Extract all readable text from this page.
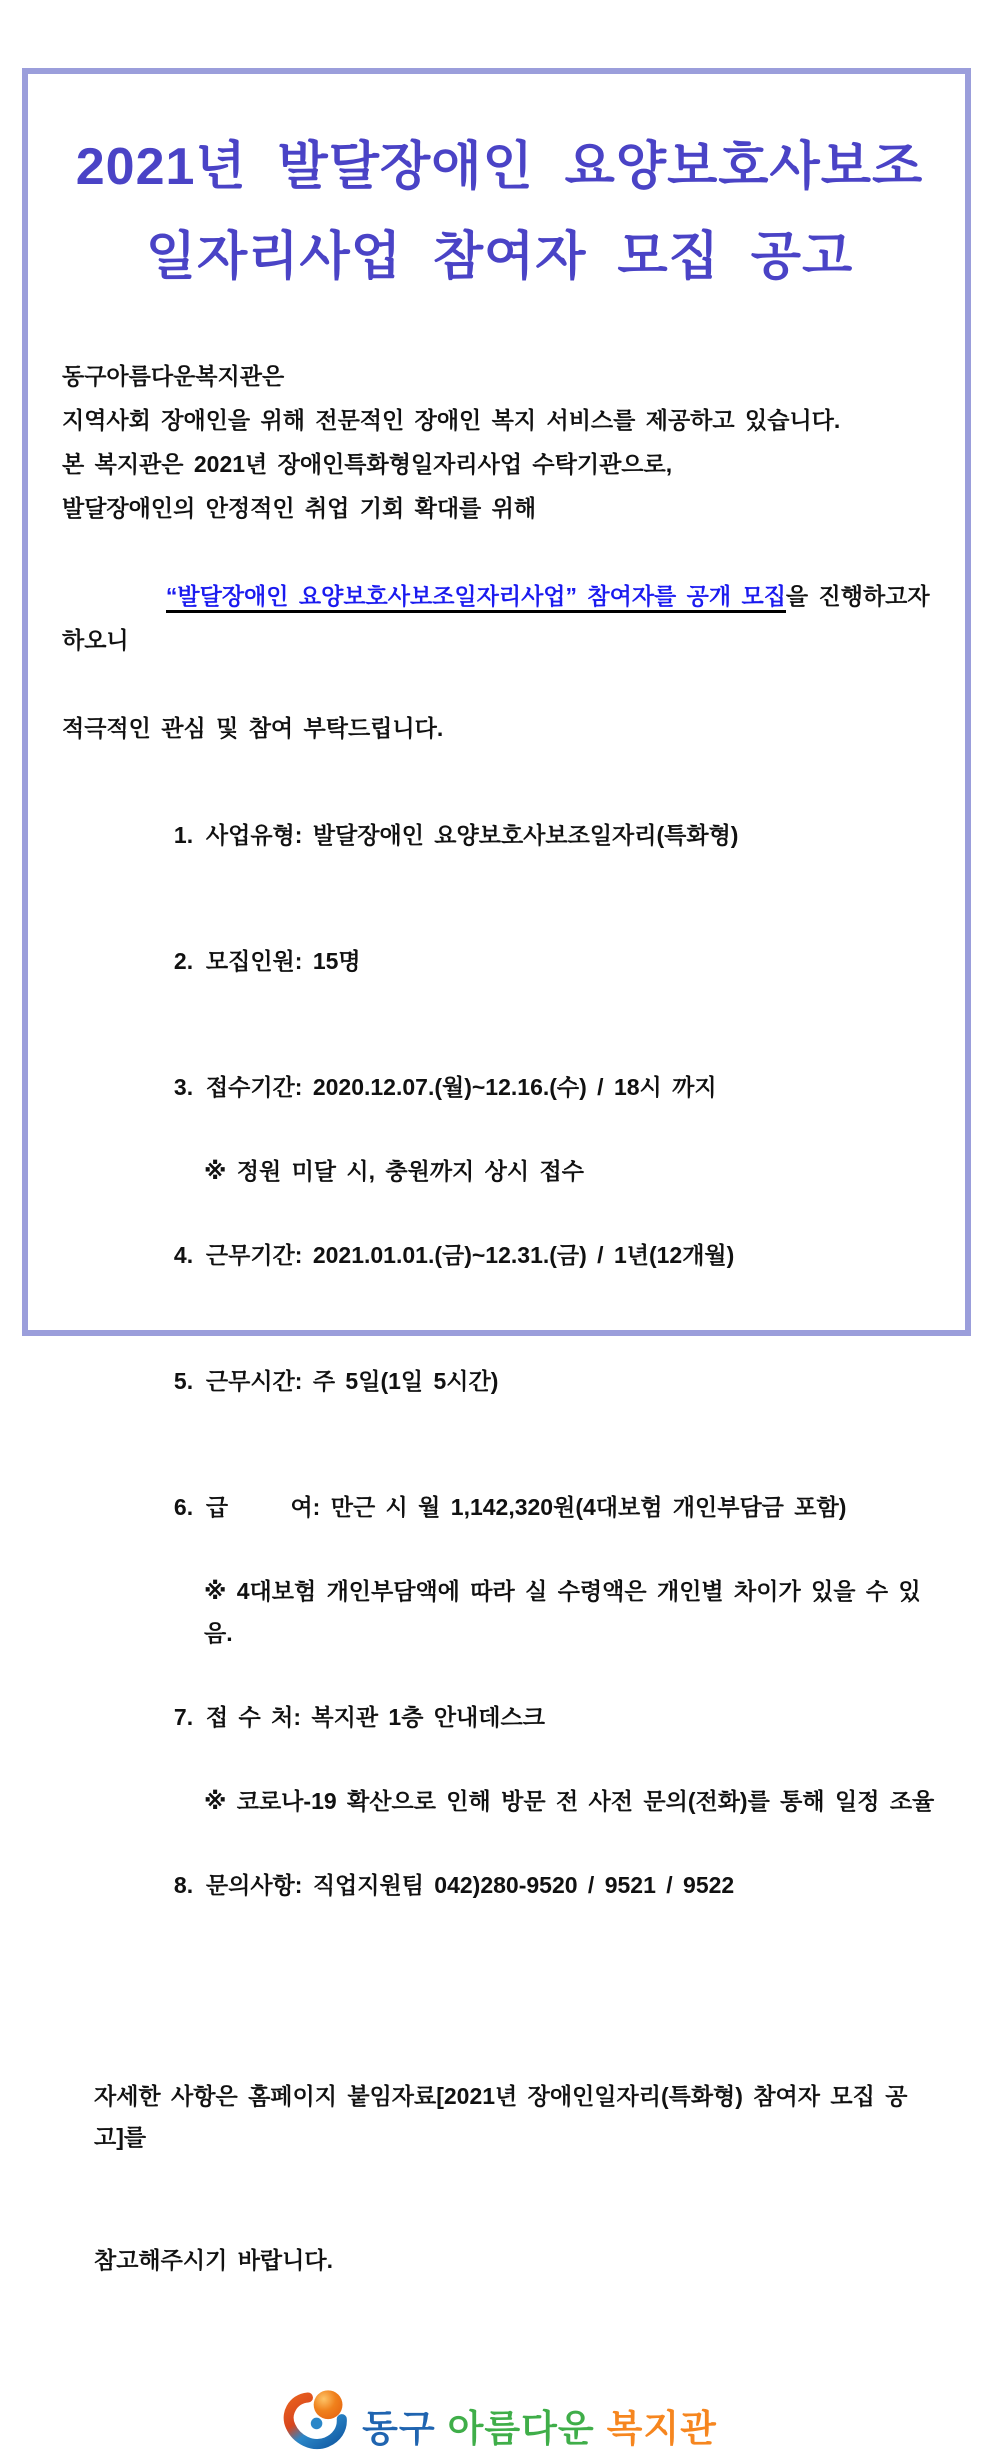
2021년  발달장애인  요양보호사보조
일자리사업  참여자  모집  공고
동구아름다운복지관은
지역사회 장애인을 위해 전문적인 장애인 복지 서비스를 제공하고 있습니다.
본 복지관은 2021년 장애인특화형일자리사업 수탁기관으로,
발달장애인의 안정적인 취업 기회 확대를 위해

“발달장애인 요양보호사보조일자리사업” 참여자를 공개 모집을 진행하고자 하오니

적극적인 관심 및 참여 부탁드립니다.

1. 사업유형: 발달장애인 요양보호사보조일자리(특화형)

2. 모집인원: 15명

3. 접수기간: 2020.12.07.(월)~12.16.(수) / 18시 까지

※ 정원 미달 시, 충원까지 상시 접수

4. 근무기간: 2021.01.01.(금)~12.31.(금) / 1년(12개월)

5. 근무시간: 주 5일(1일 5시간)

6. 급      여: 만근 시 월 1,142,320원(4대보험 개인부담금 포함)

※ 4대보험 개인부담액에 따라 실 수령액은 개인별 차이가 있을 수 있음.

7. 접 수 처: 복지관 1층 안내데스크

※ 코로나-19 확산으로 인해 방문 전 사전 문의(전화)를 통해 일정 조율

8. 문의사항: 직업지원팀 042)280-9520 / 9521 / 9522

자세한 사항은 홈페이지 붙임자료[2021년 장애인일자리(특화형) 참여자 모집 공고]를

참고해주시기 바랍니다.

동구 아름다운 복지관
